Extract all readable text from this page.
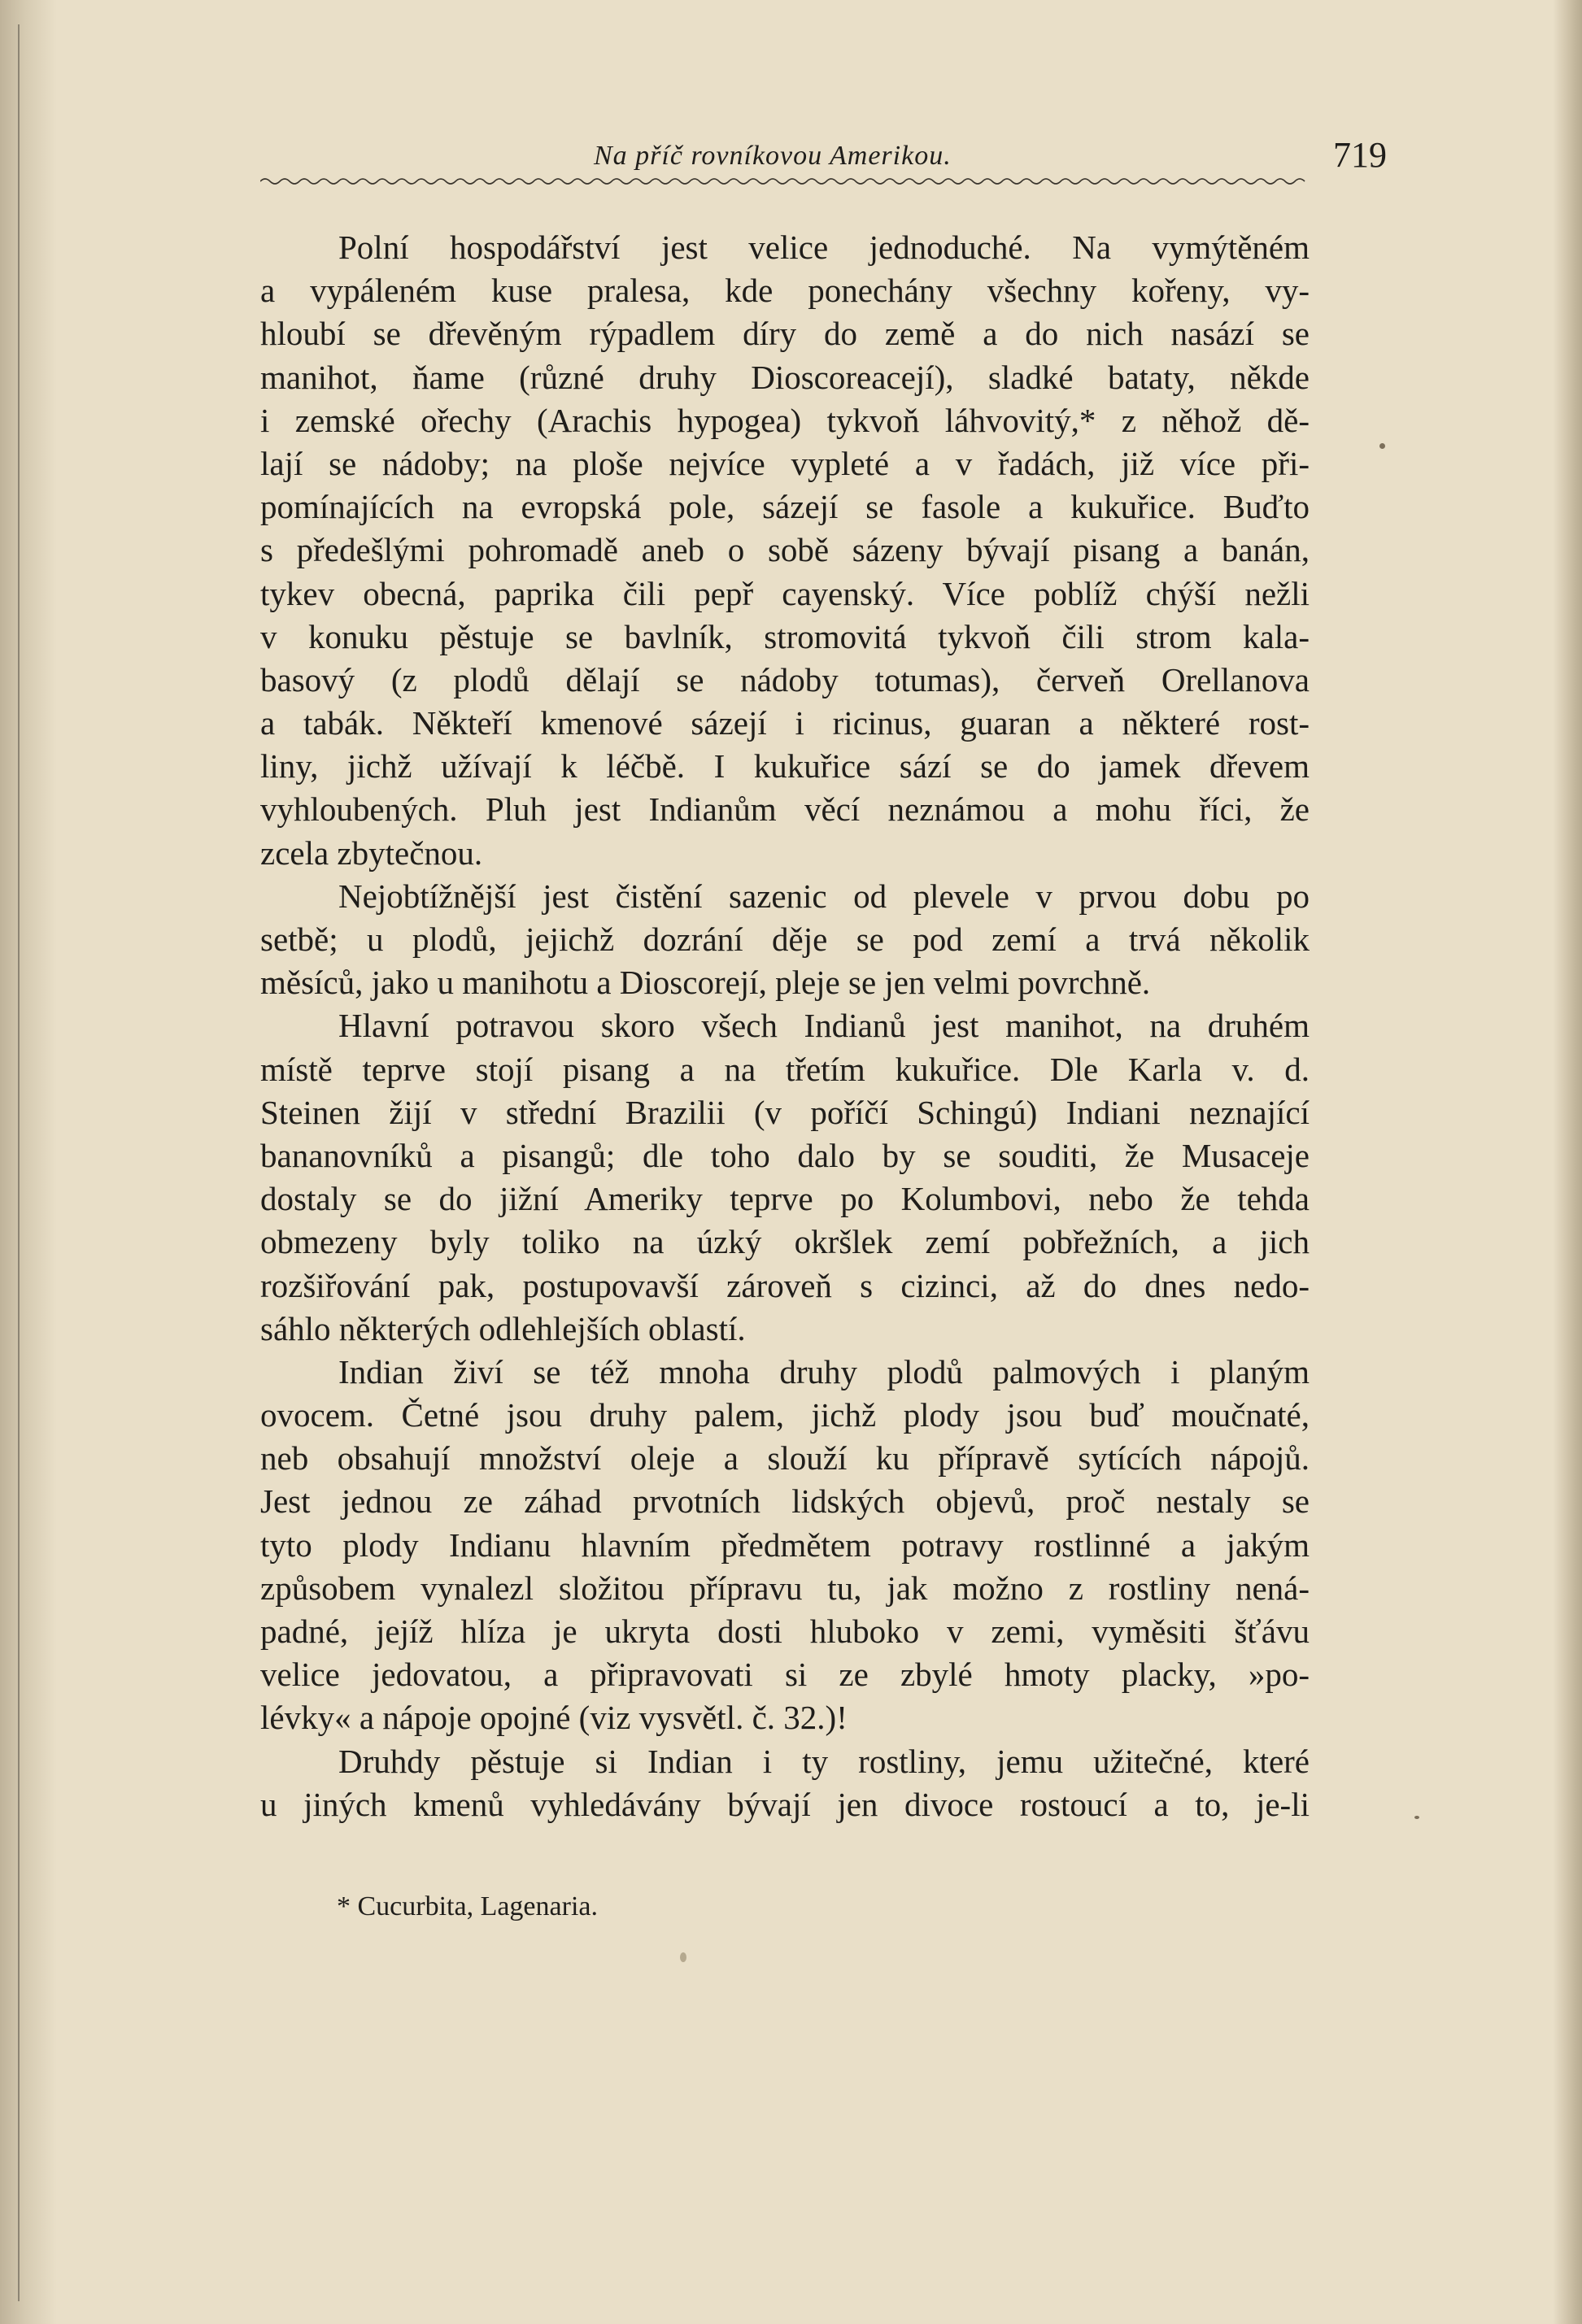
Na příč rovníkovou Amerikou.	719
Polní hospodářství jest velice jednoduché. Na vymýtěném
a vypáleném kuse pralesa, kde ponechány všechny kořeny, vy-
hloubí se dřevěným rýpadlem díry do země a do nich nasází se
manihot, ňame (různé druhy Dioscoreacejí), sladké bataty, někde
i zemské ořechy (Arachis hypogea) tykvoň láhvovitý,* z něhož dě-
lají se nádoby; na ploše nejvíce vypleté a v řadách, již více při-
pomínajících na evropská pole, sázejí se fasole a kukuřice. Buďto
s předešlými pohromadě aneb o sobě sázeny bývají pisang a banán,
tykev obecná, paprika čili pepř cayenský. Více poblíž chýší nežli
v konuku pěstuje se bavlník, stromovitá tykvoň čili strom kala-
basový (z plodů dělají se nádoby totumas), červeň Orellanova
a tabák. Někteří kmenové sázejí i ricinus, guaran a některé rost-
liny, jichž užívají k léčbě. I kukuřice sází se do jamek dřevem
vyhloubených. Pluh jest Indianům věcí neznámou a mohu říci, že
zcela zbytečnou.
Nejobtížnější jest čistění sazenic od plevele v prvou dobu po
setbě; u plodů, jejichž dozrání děje se pod zemí a trvá několik
měsíců, jako u manihotu a Dioscorejí, pleje se jen velmi povrchně.
Hlavní potravou skoro všech Indianů jest manihot, na druhém
místě teprve stojí pisang a na třetím kukuřice. Dle Karla v. d.
Steinen žijí v střední Brazilii (v poříčí Schingú) Indiani neznající
bananovníků a pisangů; dle toho dalo by se souditi, že Musaceje
dostaly se do jižní Ameriky teprve po Kolumbovi, nebo že tehda
obmezeny byly toliko na úzký okršlek zemí pobřežních, a jich
rozšiřování pak, postupovavší zároveň s cizinci, až do dnes nedo-
sáhlo některých odlehlejších oblastí.
Indian živí se též mnoha druhy plodů palmových i planým
ovocem. Četné jsou druhy palem, jichž plody jsou buď moučnaté,
neb obsahují množství oleje a slouží ku přípravě sytících nápojů.
Jest jednou ze záhad prvotních lidských objevů, proč nestaly se
tyto plody Indianu hlavním předmětem potravy rostlinné a jakým
způsobem vynalezl složitou přípravu tu, jak možno z rostliny nená-
padné, jejíž hlíza je ukryta dosti hluboko v zemi, vyměsiti šťávu
velice jedovatou, a připravovati si ze zbylé hmoty placky, »po-
lévky« a nápoje opojné (viz vysvětl. č. 32.)!
Druhdy pěstuje si Indian i ty rostliny, jemu užitečné, které
u jiných kmenů vyhledávány bývají jen divoce rostoucí a to, je-li
* Cucurbita, Lagenaria.
